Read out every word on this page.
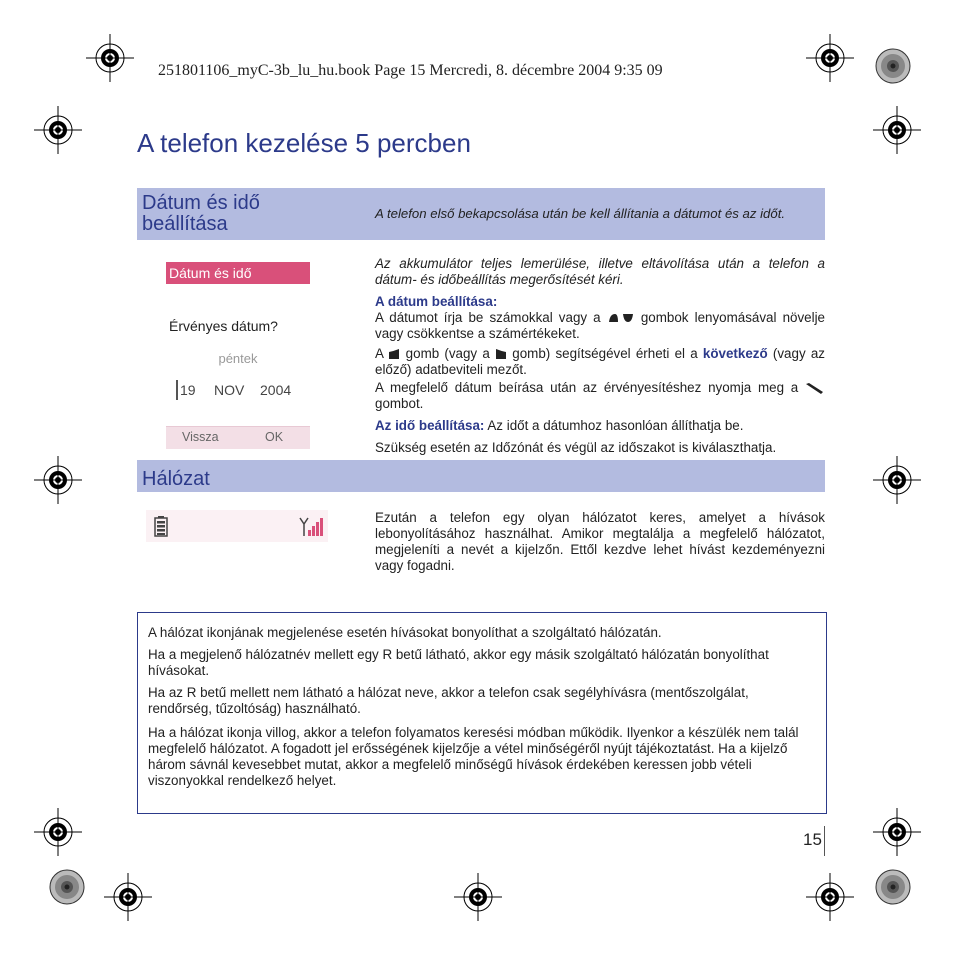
251801106_myC-3b_lu_hu.book Page 15 Mercredi, 8. décembre 2004 9:35 09
A telefon kezelése 5 percben
Dátum és idő
beállítása	A telefon első bekapcsolása után be kell állítania a dátumot és az időt.
Dátum és idő
Érvényes dátum?
péntek
19 NOV 2004
Vissza	OK
Az akkumulátor teljes lemerülése, illetve eltávolítása után a telefon a dátum- és időbeállítás megerősítését kéri.
A dátum beállítása:
A dátumot írja be számokkal vagy a	gombok lenyomásával növelje vagy csökkentse a számértékeket.
A gomb (vagy a gomb) segítségével érheti el a következő (vagy az előző) adatbeviteli mezőt.
A megfelelő dátum beírása után az érvényesítéshez nyomja meg a  gombot.
Az idő beállítása: Az időt a dátumhoz hasonlóan állíthatja be.
Szükség esetén az Időzónát és végül az időszakot is kiválaszthatja.
Hálózat
Ezután a telefon egy olyan hálózatot keres, amelyet a hívások lebonyolításához használhat. Amikor megtalálja a megfelelő hálózatot, megjeleníti a nevét a kijelzőn. Ettől kezdve lehet hívást kezdeményezni vagy fogadni.
A hálózat ikonjának megjelenése esetén hívásokat bonyolíthat a szolgáltató hálózatán.
Ha a megjelenő hálózatnév mellett egy R betű látható, akkor egy másik szolgáltató hálózatán bonyolíthat hívásokat.
Ha az R betű mellett nem látható a hálózat neve, akkor a telefon csak segélyhívásra (mentőszolgálat, rendőrség, tűzoltóság) használható.
Ha a hálózat ikonja villog, akkor a telefon folyamatos keresési módban működik. Ilyenkor a készülék nem talál megfelelő hálózatot. A fogadott jel erősségének kijelzője a vétel minőségéről nyújt tájékoztatást. Ha a kijelző három sávnál kevesebbet mutat, akkor a megfelelő minőségű hívások érdekében keressen jobb vételi viszonyokkal rendelkező helyet.
15
